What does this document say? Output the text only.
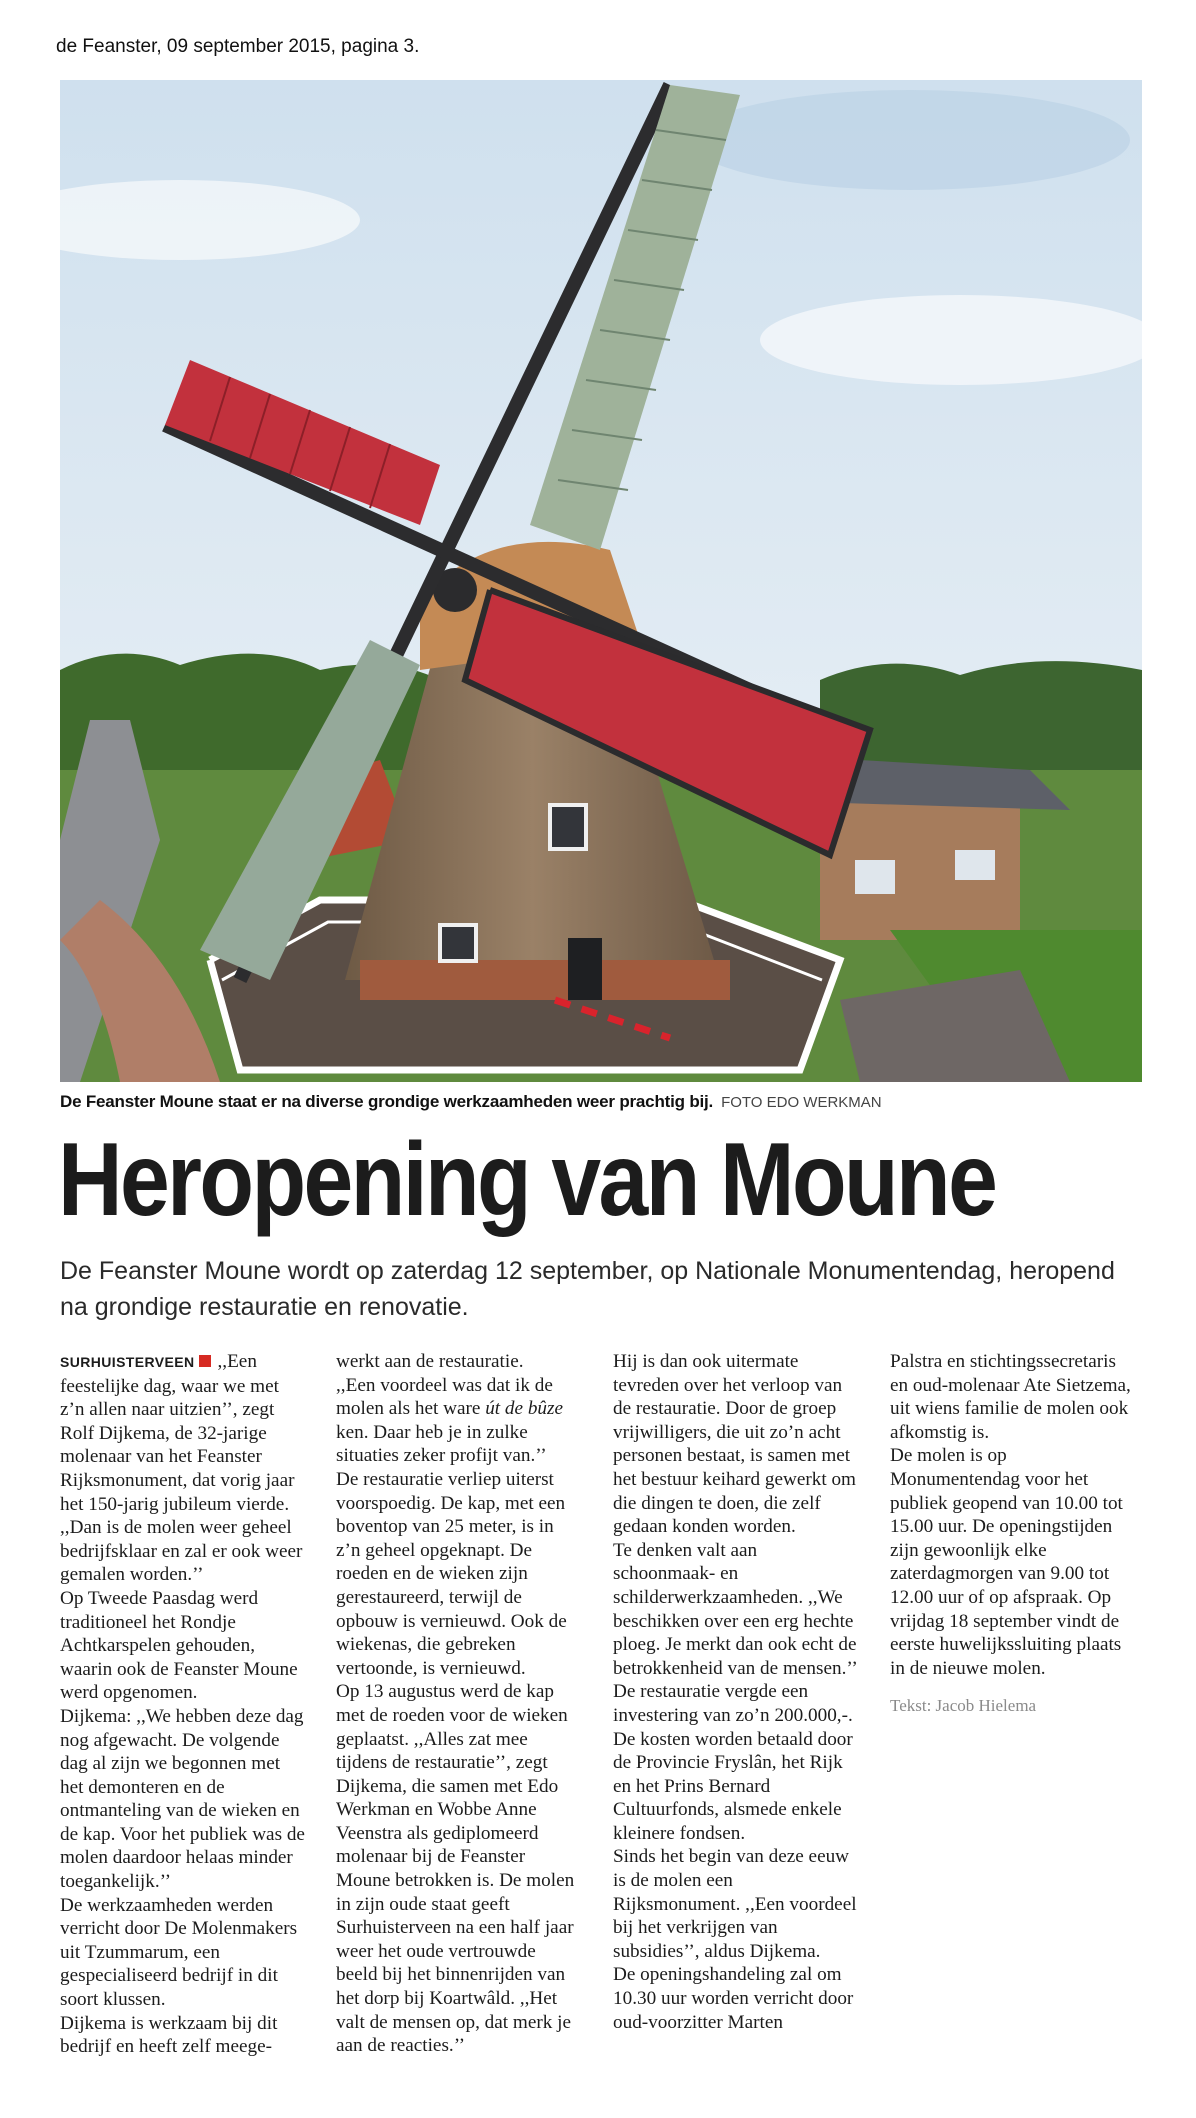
de Feanster, 09 september 2015, pagina 3.
De Feanster Moune staat er na diverse grondige werkzaamheden weer prachtig bij. FOTO EDO WERKMAN
Heropening van Moune

De Feanster Moune wordt op zaterdag 12 september, op Nationale Monumentendag, heropend na grondige restauratie en renovatie.

SURHUISTERVEEN ,,Een feestelijke dag, waar we met z’n allen naar uitzien’’, zegt Rolf Dijkema, de 32-jarige molenaar van het Feanster Rijksmonument, dat vorig jaar het 150-jarig jubileum vierde. ,,Dan is de molen weer geheel bedrijfsklaar en zal er ook weer gemalen worden.’’

Op Tweede Paasdag werd traditioneel het Rondje Achtkarspelen gehouden, waarin ook de Feanster Moune werd opgenomen.

Dijkema: ,,We hebben deze dag nog afgewacht. De volgende dag al zijn we begonnen met het demonteren en de ontmanteling van de wieken en de kap. Voor het publiek was de molen daardoor helaas minder toegankelijk.’’

De werkzaamheden werden verricht door De Molenmakers uit Tzummarum, een gespecialiseerd bedrijf in dit soort klussen.

Dijkema is werkzaam bij dit bedrijf en heeft zelf meege-

werkt aan de restauratie.

,,Een voordeel was dat ik de molen als het ware út de bûze ken. Daar heb je in zulke situaties zeker profijt van.’’

De restauratie verliep uiterst voorspoedig. De kap, met een boventop van 25 meter, is in z’n geheel opgeknapt. De roeden en de wieken zijn gerestaureerd, terwijl de opbouw is vernieuwd. Ook de wiekenas, die gebreken vertoonde, is vernieuwd.

Op 13 augustus werd de kap met de roeden voor de wieken geplaatst. ,,Alles zat mee tijdens de restauratie’’, zegt Dijkema, die samen met Edo Werkman en Wobbe Anne Veenstra als gediplomeerd molenaar bij de Feanster Moune betrokken is. De molen in zijn oude staat geeft Surhuisterveen na een half jaar weer het oude vertrouwde beeld bij het binnenrijden van het dorp bij Koartwâld. ,,Het valt de mensen op, dat merk je aan de reacties.’’

Hij is dan ook uitermate tevreden over het verloop van de restauratie. Door de groep vrijwilligers, die uit zo’n acht personen bestaat, is samen met het bestuur keihard gewerkt om die dingen te doen, die zelf gedaan konden worden.

Te denken valt aan schoonmaak- en schilderwerkzaamheden. ,,We beschikken over een erg hechte ploeg. Je merkt dan ook echt de betrokkenheid van de mensen.’’

De restauratie vergde een investering van zo’n 200.000,-. De kosten worden betaald door de Provincie Fryslân, het Rijk en het Prins Bernard Cultuurfonds, alsmede enkele kleinere fondsen.

Sinds het begin van deze eeuw is de molen een Rijksmonument. ,,Een voordeel bij het verkrijgen van subsidies’’, aldus Dijkema.

De openingshandeling zal om 10.30 uur worden verricht door oud-voorzitter Marten

Palstra en stichtingssecretaris en oud-molenaar Ate Sietzema, uit wiens familie de molen ook afkomstig is.

De molen is op Monumentendag voor het publiek geopend van 10.00 tot 15.00 uur. De openingstijden zijn gewoonlijk elke zaterdagmorgen van 9.00 tot 12.00 uur of op afspraak. Op vrijdag 18 september vindt de eerste huwelijkssluiting plaats in de nieuwe molen.

Tekst: Jacob Hielema
